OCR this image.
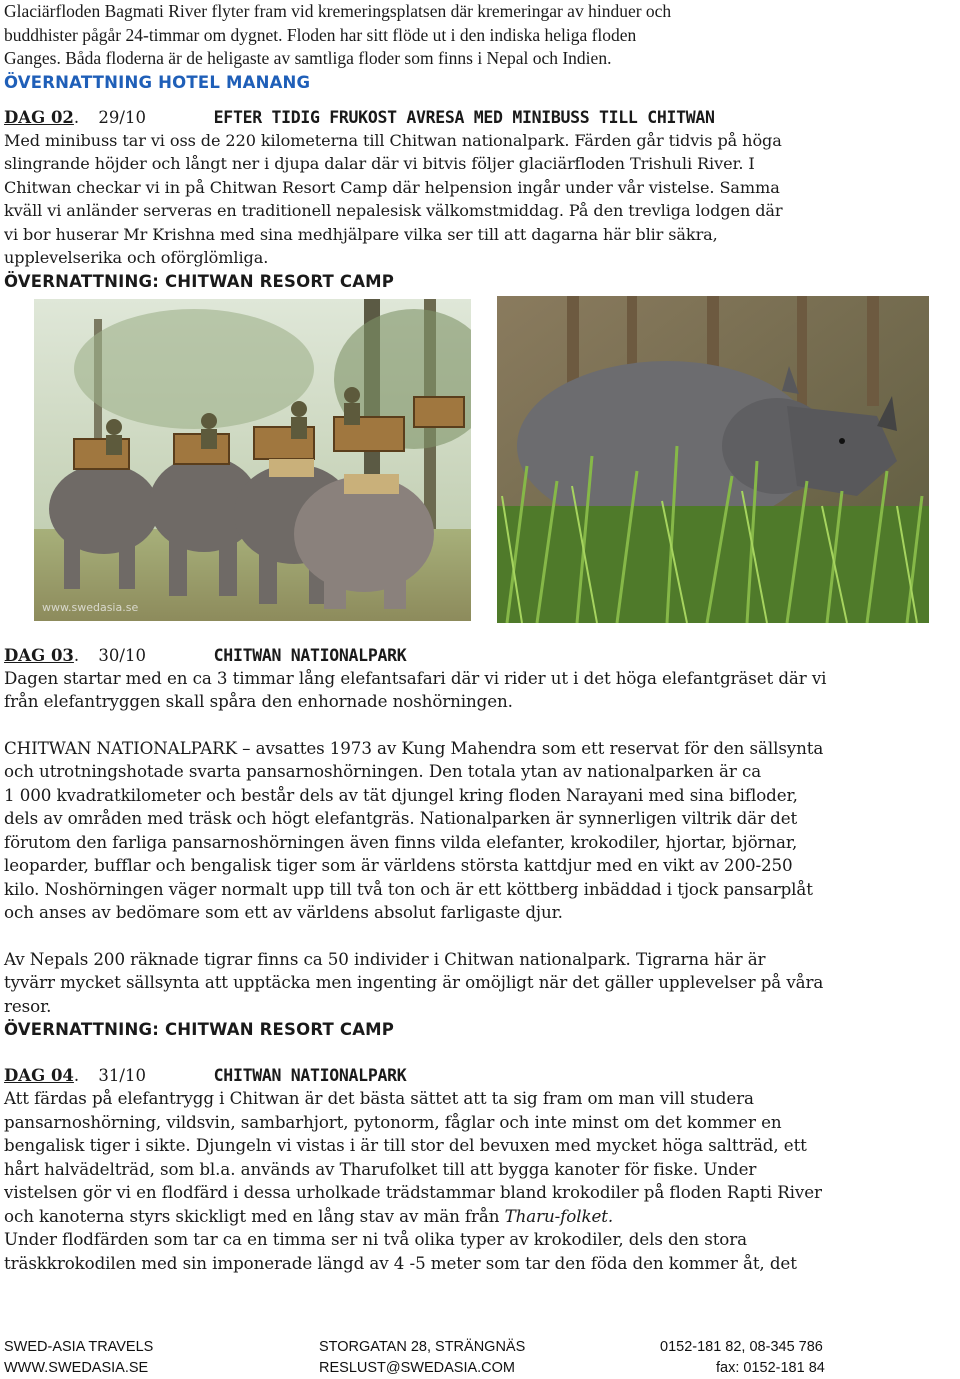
Glaciärfloden Bagmati River flyter fram vid kremeringsplatsen där kremeringar av hinduer och

buddhister pågår 24-timmar om dygnet. Floden har sitt flöde ut i den indiska heliga floden

Ganges. Båda floderna är de heligaste av samtliga floder som finns i Nepal och Indien.

ÖVERNATTNING HOTEL MANANG

DAG 02. 29/10	EFTER TIDIG FRUKOST AVRESA MED MINIBUSS TILL CHITWAN

Med minibuss tar vi oss de 220 kilometerna till Chitwan nationalpark. Färden går tidvis på höga

slingrande höjder och långt ner i djupa dalar där vi bitvis följer glaciärfloden Trishuli River. I

Chitwan checkar vi in på Chitwan Resort Camp där helpension ingår under vår vistelse. Samma

kväll vi anländer serveras en traditionell nepalesisk välkomstmiddag. På den trevliga lodgen där

vi bor huserar Mr Krishna med sina medhjälpare vilka ser till att dagarna här blir säkra,

upplevelserika och oförglömliga.

ÖVERNATTNING: CHITWAN RESORT CAMP

www.swedasia.se

DAG 03. 30/10	CHITWAN NATIONALPARK

Dagen startar med en ca 3 timmar lång elefantsafari där vi rider ut i det höga elefantgräset där vi

från elefantryggen skall spåra den enhornade noshörningen.

CHITWAN NATIONALPARK – avsattes 1973 av Kung Mahendra som ett reservat för den sällsynta

och utrotningshotade svarta pansarnoshörningen. Den totala ytan av nationalparken är ca

1 000 kvadratkilometer och består dels av tät djungel kring floden Narayani med sina bifloder,

dels av områden med träsk och högt elefantgräs. Nationalparken är synnerligen viltrik där det

förutom den farliga pansarnoshörningen även finns vilda elefanter, krokodiler, hjortar, björnar,

leoparder, bufflar och bengalisk tiger som är världens största kattdjur med en vikt av 200-250

kilo. Noshörningen väger normalt upp till två ton och är ett köttberg inbäddad i tjock pansarplåt

och anses av bedömare som ett av världens absolut farligaste djur.

Av Nepals 200 räknade tigrar finns ca 50 individer i Chitwan nationalpark. Tigrarna här är

tyvärr mycket sällsynta att upptäcka men ingenting är omöjligt när det gäller upplevelser på våra

resor.

ÖVERNATTNING: CHITWAN RESORT CAMP

DAG 04. 31/10	CHITWAN NATIONALPARK

Att färdas på elefantrygg i Chitwan är det bästa sättet att ta sig fram om man vill studera

pansarnoshörning, vildsvin, sambarhjort, pytonorm, fåglar och inte minst om det kommer en

bengalisk tiger i sikte. Djungeln vi vistas i är till stor del bevuxen med mycket höga saltträd, ett

hårt halvädelträd, som bl.a. används av Tharufolket till att bygga kanoter för fiske. Under

vistelsen gör vi en flodfärd i dessa urholkade trädstammar bland krokodiler på floden Rapti River

och kanoterna styrs skickligt med en lång stav av män från Tharu-folket.

Under flodfärden som tar ca en timma ser ni två olika typer av krokodiler, dels den stora

träskkrokodilen med sin imponerade längd av 4 -5 meter som tar den föda den kommer åt, det

SWED-ASIA TRAVELS	STORGATAN 28, STRÄNGNÄS	0152-181 82, 08-345 786
WWW.SWEDASIA.SE	RESLUST@SWEDASIA.COM	fax: 0152-181 84
